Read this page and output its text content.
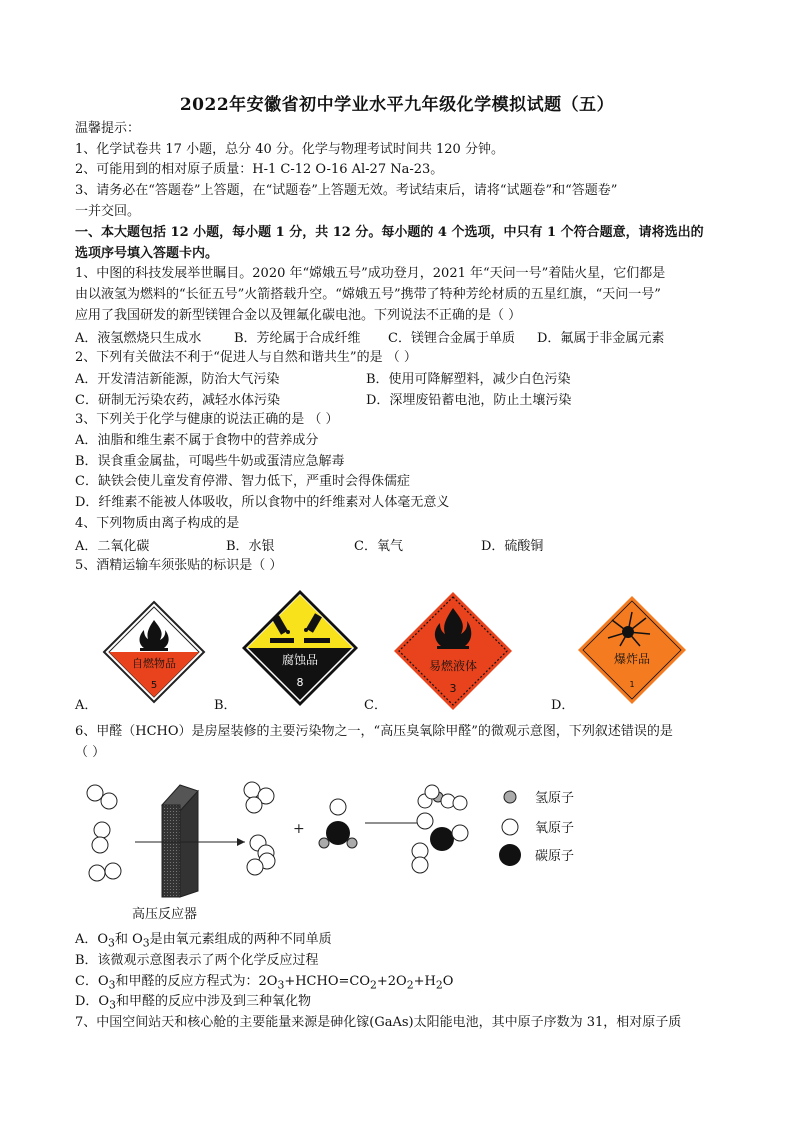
2022年安徽省初中学业水平九年级化学模拟试题（五）
温馨提示：
1、化学试卷共 17 小题，总分 40 分。化学与物理考试时间共 120 分钟。
2、可能用到的相对原子质量：H-1 C-12 O-16 Al-27 Na-23。
3、请务必在“答题卷”上答题，在“试题卷”上答题无效。考试结束后，请将“试题卷”和“答题卷”
一并交回。
一、本大题包括 12 小题，每小题 1 分，共 12 分。每小题的 4 个选项，中只有 1 个符合题意，请将选出的
选项序号填入答题卡内。
1、中图的科技发展举世瞩目。2020 年“嫦娥五号”成功登月，2021 年“天问一号”着陆火星，它们都是
由以液氢为燃料的“长征五号”火箭搭载升空。“嫦娥五号”携带了特种芳纶材质的五星红旗，“天问一号”
应用了我国研发的新型镁锂合金以及锂氟化碳电池。下列说法不正确的是（ ）
A．液氢燃烧只生成水	B．芳纶属于合成纤维 C．镁锂合金属于单质 D．氟属于非金属元素
2、下列有关做法不利于“促进人与自然和谐共生”的是 （ ）
A．开发清洁新能源，防治大气污染	B．使用可降解塑料，减少白色污染
C．研制无污染农药，减轻水体污染	D．深埋废铅蓄电池，防止土壤污染
3、下列关于化学与健康的说法正确的是 （ ）
A．油脂和维生素不属于食物中的营养成分
B．误食重金属盐，可喝些牛奶或蛋清应急解毒
C．缺铁会使儿童发育停滞、智力低下，严重时会得侏儒症
D．纤维素不能被人体吸收，所以食物中的纤维素对人体毫无意义
4、下列物质由离子构成的是
A．二氧化碳	B．水银	C．氧气	D．硫酸铜
5、酒精运输车须张贴的标识是（ ）
自燃物品
5
腐蚀品
8
易燃液体
3
爆炸品
1
A．	B．	C．	D．
6、甲醛（HCHO）是房屋装修的主要污染物之一，“高压臭氧除甲醛”的微观示意图，下列叙述错误的是
（ ）
+
氢原子
氧原子
碳原子
高压反应器
A．$O_3$和 $O_3$是由氧元素组成的两种不同单质
B．该微观示意图表示了两个化学反应过程
C．$O_3$和甲醛的反应方程式为：$2O_3+HCHO=CO_2+2O_2+H_2O$
D．$O_3$和甲醛的反应中涉及到三种氧化物
7、中国空间站天和核心舱的主要能量来源是砷化镓(GaAs)太阳能电池，其中原子序数为 31，相对原子质
